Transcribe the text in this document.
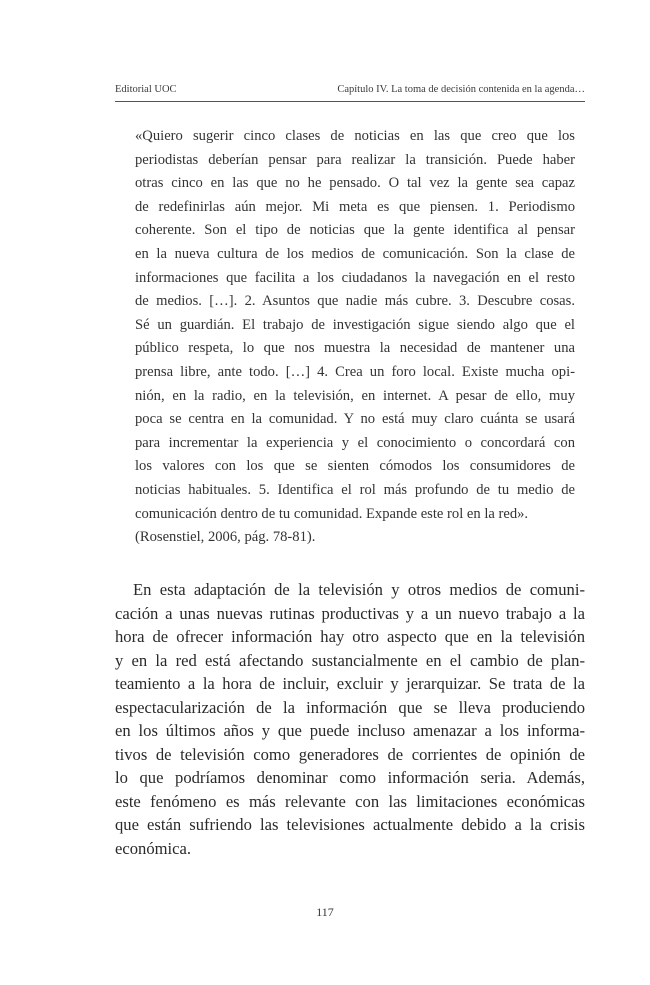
Editorial UOC	Capítulo IV. La toma de decisión contenida en la agenda…
«Quiero sugerir cinco clases de noticias en las que creo que los
periodistas deberían pensar para realizar la transición. Puede haber
otras cinco en las que no he pensado. O tal vez la gente sea capaz
de redefinirlas aún mejor. Mi meta es que piensen. 1. Periodismo
coherente. Son el tipo de noticias que la gente identifica al pensar
en la nueva cultura de los medios de comunicación. Son la clase de
informaciones que facilita a los ciudadanos la navegación en el resto
de medios. […]. 2. Asuntos que nadie más cubre. 3. Descubre cosas.
Sé un guardián. El trabajo de investigación sigue siendo algo que el
público respeta, lo que nos muestra la necesidad de mantener una
prensa libre, ante todo. […] 4. Crea un foro local. Existe mucha opi-
nión, en la radio, en la televisión, en internet. A pesar de ello, muy
poca se centra en la comunidad. Y no está muy claro cuánta se usará
para incrementar la experiencia y el conocimiento o concordará con
los valores con los que se sienten cómodos los consumidores de
noticias habituales. 5. Identifica el rol más profundo de tu medio de
comunicación dentro de tu comunidad. Expande este rol en la red».
(Rosenstiel, 2006, pág. 78-81).
En esta adaptación de la televisión y otros medios de comuni-
cación a unas nuevas rutinas productivas y a un nuevo trabajo a la
hora de ofrecer información hay otro aspecto que en la televisión
y en la red está afectando sustancialmente en el cambio de plan-
teamiento a la hora de incluir, excluir y jerarquizar. Se trata de la
espectacularización de la información que se lleva produciendo
en los últimos años y que puede incluso amenazar a los informa-
tivos de televisión como generadores de corrientes de opinión de
lo que podríamos denominar como información seria. Además,
este fenómeno es más relevante con las limitaciones económicas
que están sufriendo las televisiones actualmente debido a la crisis
económica.
117
